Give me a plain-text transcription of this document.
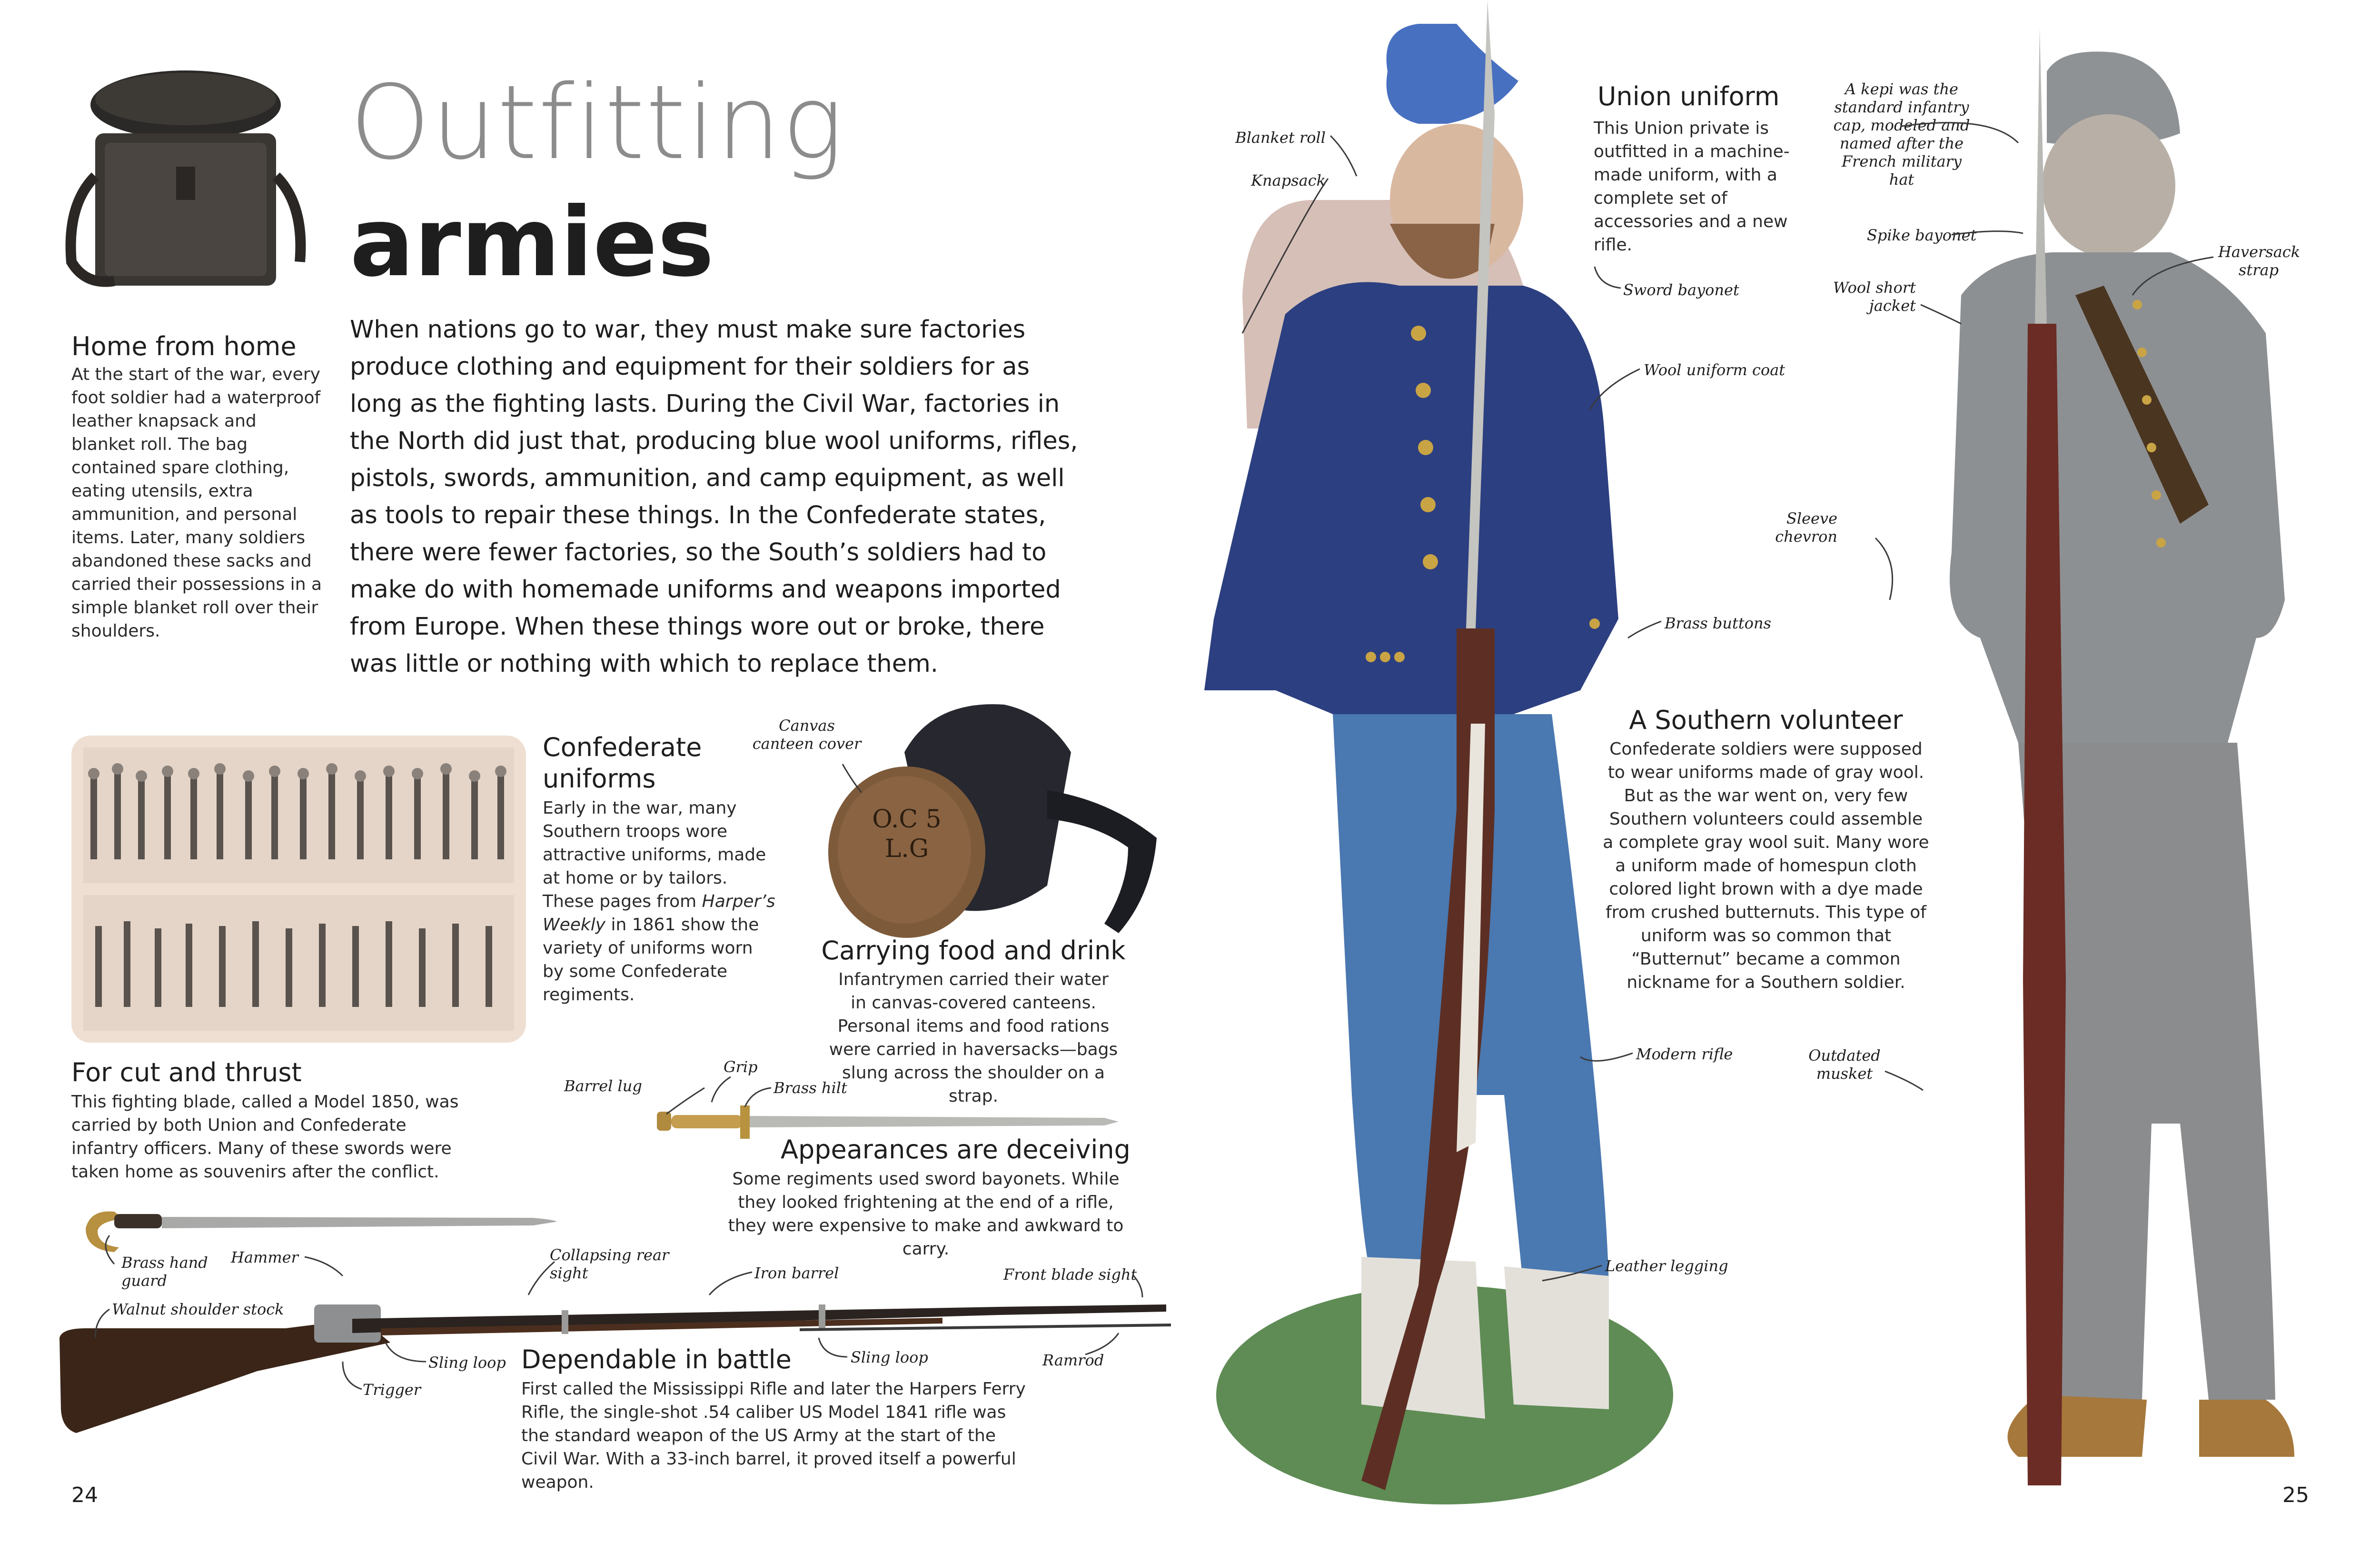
Outfitting
armies
Home from home
At the start of the war, every foot soldier had a waterproof leather knapsack and blanket roll. The bag contained spare clothing, eating utensils, extra ammunition, and personal items. Later, many soldiers abandoned these sacks and carried their possessions in a simple blanket roll over their shoulders.
When nations go to war, they must make sure factories produce clothing and equipment for their soldiers for as long as the fighting lasts. During the Civil War, factories in the North did just that, producing blue wool uniforms, rifles, pistols, swords, ammunition, and camp equipment, as well as tools to repair these things. In the Confederate states, there were fewer factories, so the South’s soldiers had to make do with homemade uniforms and weapons imported from Europe. When these things wore out or broke, there was little or nothing with which to replace them.
Confederate uniforms
Early in the war, many Southern troops wore attractive uniforms, made at home or by tailors. These pages from Harper’s Weekly in 1861 show the variety of uniforms worn by some Confederate regiments.
O.C 5 L.G
Carrying food and drink
Infantrymen carried their water in canvas-covered canteens. Personal items and food rations were carried in haversacks—bags slung across the shoulder on a strap.
For cut and thrust
This fighting blade, called a Model 1850, was carried by both Union and Confederate infantry officers. Many of these swords were taken home as souvenirs after the conflict.
Appearances are deceiving
Some regiments used sword bayonets. While they looked frightening at the end of a rifle, they were expensive to make and awkward to carry.
Dependable in battle
First called the Mississippi Rifle and later the Harpers Ferry Rifle, the single-shot .54 caliber US Model 1841 rifle was the standard weapon of the US Army at the start of the Civil War. With a 33-inch barrel, it proved itself a powerful weapon.
Canvas canteen cover
Barrel lug
Grip
Brass hilt
Brass hand guard
Hammer	Collapsing rear sight	Iron barrel	Front blade sight
Walnut shoulder stock
Sling loop	Sling loop
Trigger
Ramrod
24
Union uniform
This Union private is outfitted in a machine-made uniform, with a complete set of accessories and a new rifle.
A Southern volunteer
Confederate soldiers were supposed to wear uniforms made of gray wool. But as the war went on, very few Southern volunteers could assemble a complete gray wool suit. Many wore a uniform made of homespun cloth colored light brown with a dye made from crushed butternuts. This type of uniform was so common that “Butternut” became a common nickname for a Southern soldier.
Blanket roll
Knapsack
Sword bayonet
Wool uniform coat
Brass buttons
Modern rifle
Leather legging
A kepi was the standard infantry cap, modeled and named after the French military hat
Spike bayonet
Haversack strap
Wool short jacket
Sleeve chevron
Outdated musket
25
